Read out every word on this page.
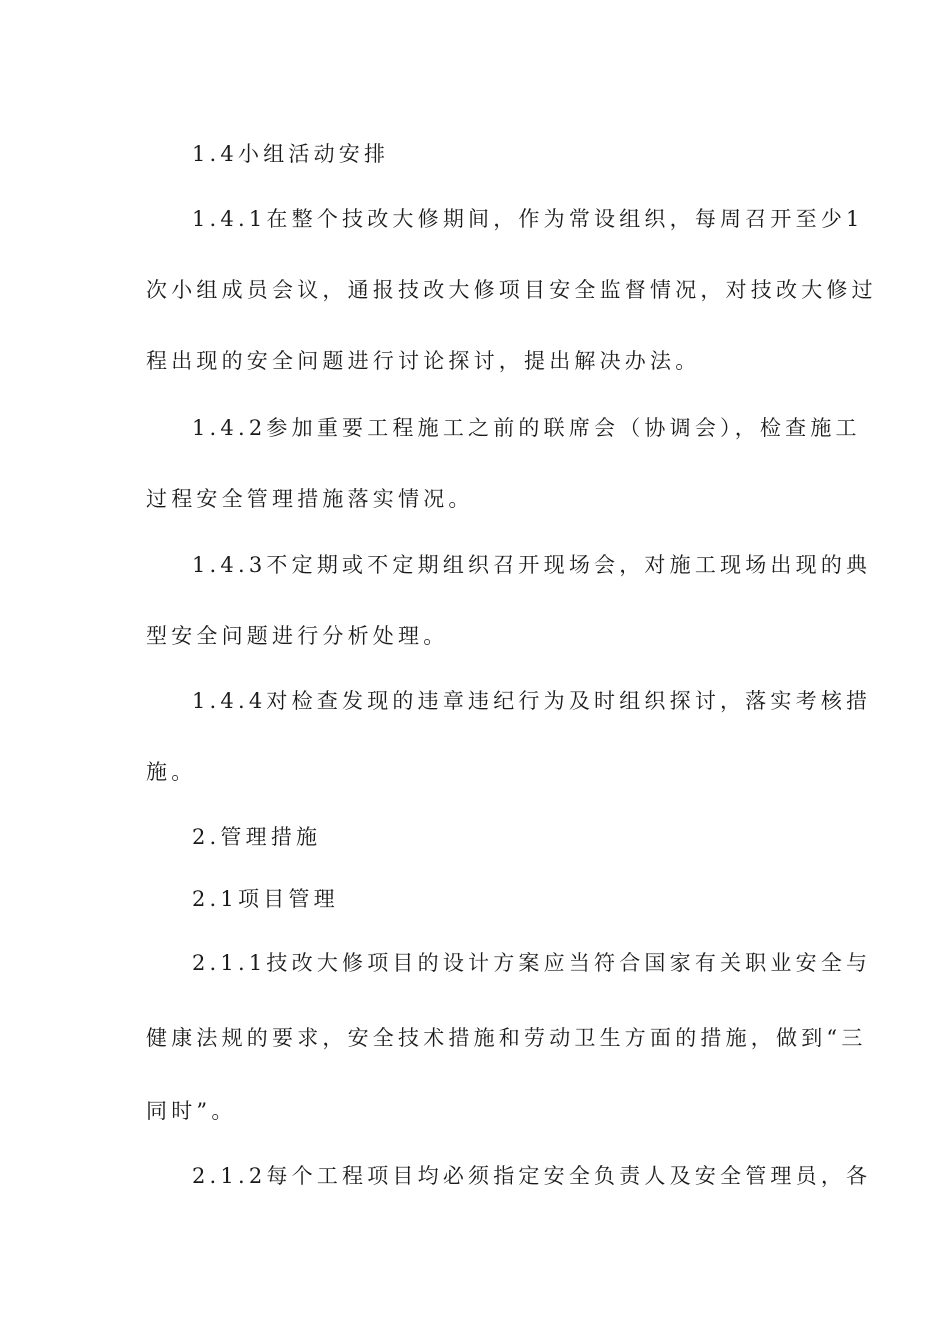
1.4小组活动安排
1.4.1在整个技改大修期间，作为常设组织，每周召开至少1
次小组成员会议，通报技改大修项目安全监督情况，对技改大修过
程出现的安全问题进行讨论探讨，提出解决办法。
1.4.2参加重要工程施工之前的联席会（协调会），检查施工
过程安全管理措施落实情况。
1.4.3不定期或不定期组织召开现场会，对施工现场出现的典
型安全问题进行分析处理。
1.4.4对检查发现的违章违纪行为及时组织探讨，落实考核措
施。
2.管理措施
2.1项目管理
2.1.1技改大修项目的设计方案应当符合国家有关职业安全与
健康法规的要求，安全技术措施和劳动卫生方面的措施，做到“三
同时”。
2.1.2每个工程项目均必须指定安全负责人及安全管理员，各
